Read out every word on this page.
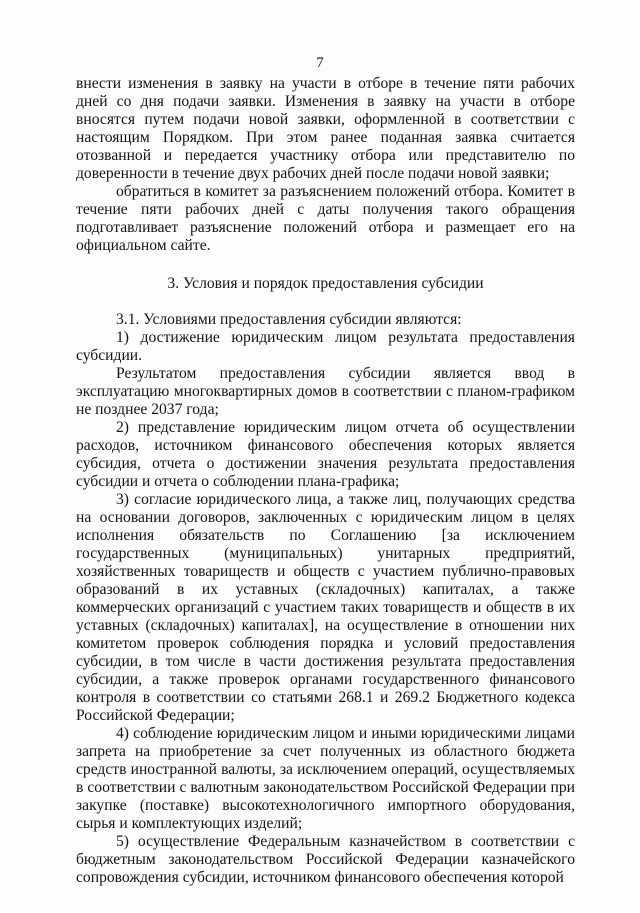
7

внести изменения в заявку на участи в отборе в течение пяти рабочих дней со дня подачи заявки. Изменения в заявку на участи в отборе вносятся путем подачи новой заявки, оформленной в соответствии с настоящим Порядком. При этом ранее поданная заявка считается отозванной и передается участнику отбора или представителю по доверенности в течение двух рабочих дней после подачи новой заявки;

обратиться в комитет за разъяснением положений отбора. Комитет в течение пяти рабочих дней с даты получения такого обращения подготавливает разъяснение положений отбора и размещает его на официальном сайте.

3. Условия и порядок предоставления субсидии

3.1. Условиями предоставления субсидии являются:

1) достижение юридическим лицом результата предоставления субсидии.

Результатом предоставления субсидии является ввод в эксплуатацию многоквартирных домов в соответствии с планом-графиком не позднее 2037 года;

2) представление юридическим лицом отчета об осуществлении расходов, источником финансового обеспечения которых является субсидия, отчета о достижении значения результата предоставления субсидии и отчета о соблюдении плана-графика;

3) согласие юридического лица, а также лиц, получающих средства на основании договоров, заключенных с юридическим лицом в целях исполнения обязательств по Соглашению [за исключением государственных (муниципальных) унитарных предприятий, хозяйственных товариществ и обществ с участием публично-правовых образований в их уставных (складочных) капиталах, а также коммерческих организаций с участием таких товариществ и обществ в их уставных (складочных) капиталах], на осуществление в отношении них комитетом проверок соблюдения порядка и условий предоставления субсидии, в том числе в части достижения результата предоставления субсидии, а также проверок органами государственного финансового контроля в соответствии со статьями 268.1 и 269.2 Бюджетного кодекса Российской Федерации;

4) соблюдение юридическим лицом и иными юридическими лицами запрета на приобретение за счет полученных из областного бюджета средств иностранной валюты, за исключением операций, осуществляемых в соответствии с валютным законодательством Российской Федерации при закупке (поставке) высокотехнологичного импортного оборудования, сырья и комплектующих изделий;

5) осуществление Федеральным казначейством в соответствии с бюджетным законодательством Российской Федерации казначейского сопровождения субсидии, источником финансового обеспечения которой
